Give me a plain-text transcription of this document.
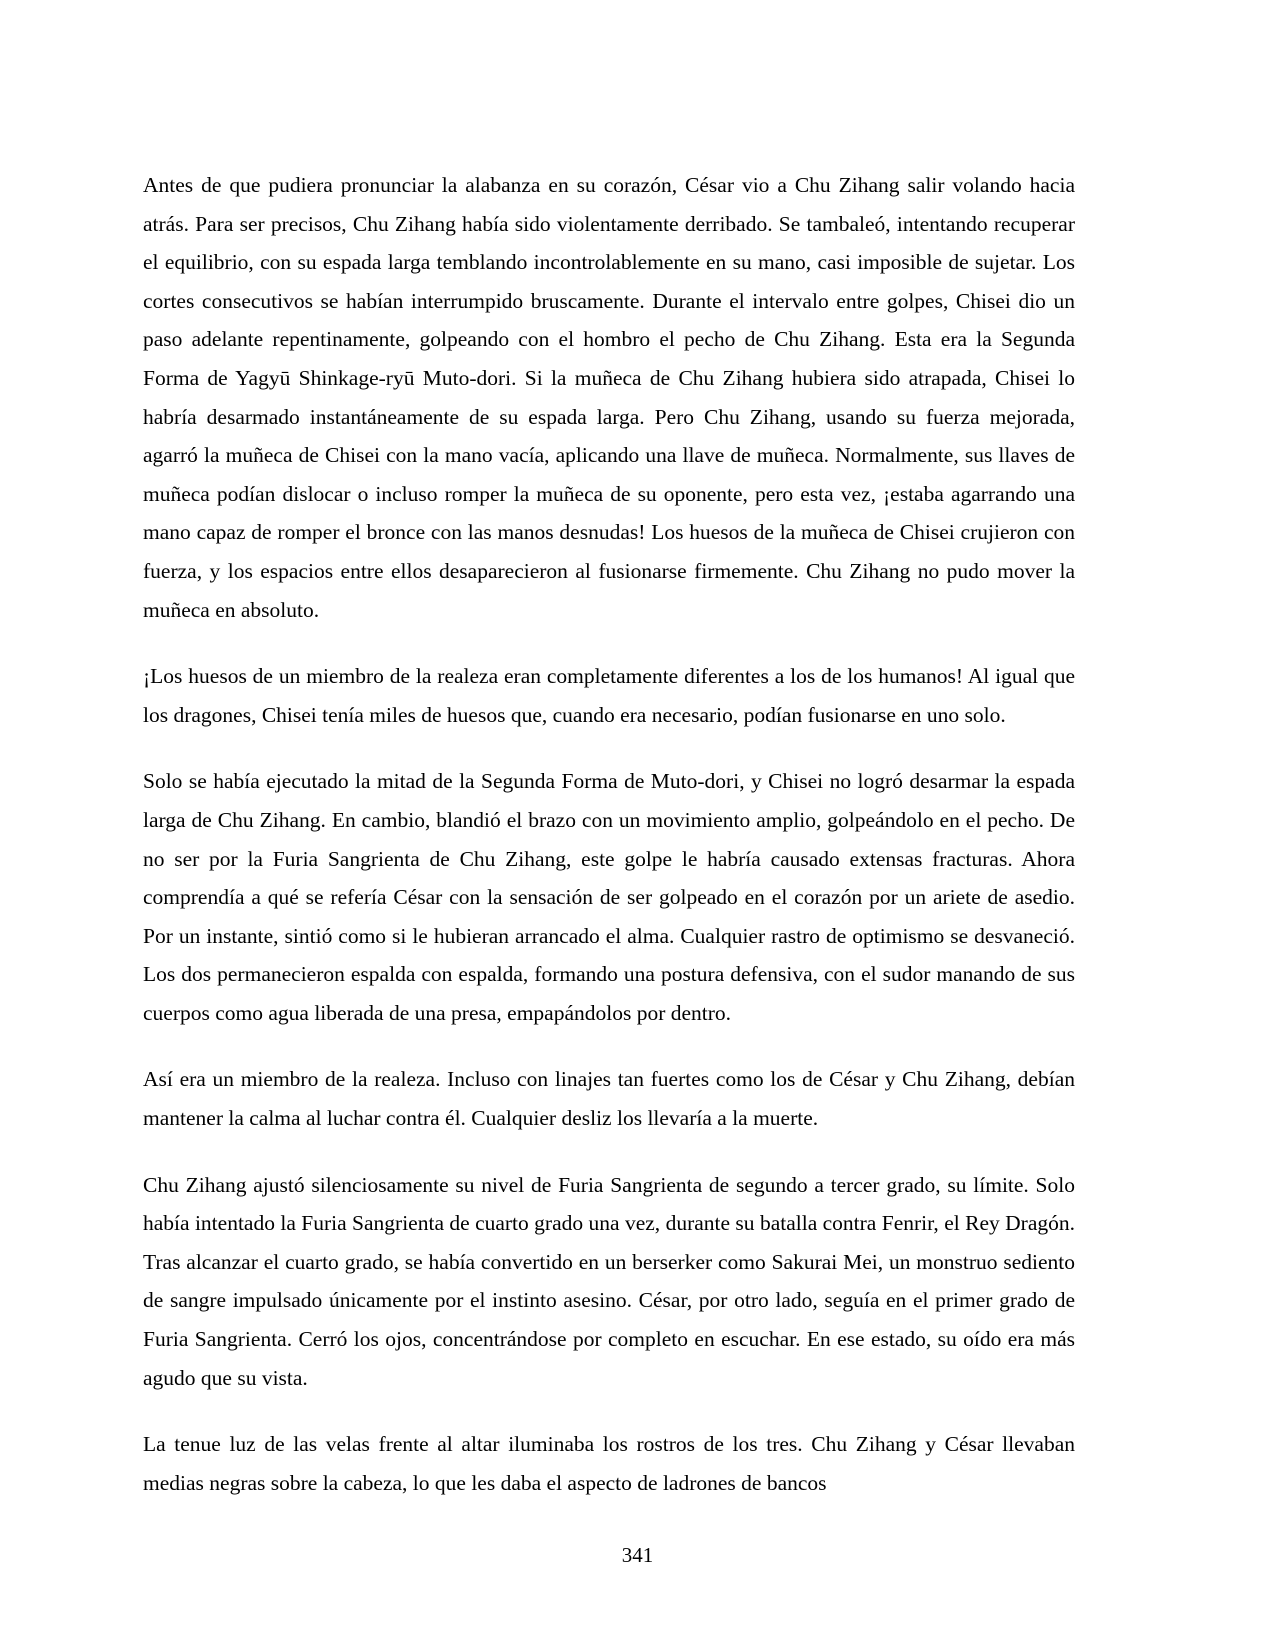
Antes de que pudiera pronunciar la alabanza en su corazón, César vio a Chu Zihang salir volando hacia atrás. Para ser precisos, Chu Zihang había sido violentamente derribado. Se tambaleó, intentando recuperar el equilibrio, con su espada larga temblando incontrolablemente en su mano, casi imposible de sujetar. Los cortes consecutivos se habían interrumpido bruscamente. Durante el intervalo entre golpes, Chisei dio un paso adelante repentinamente, golpeando con el hombro el pecho de Chu Zihang. Esta era la Segunda Forma de Yagyū Shinkage-ryū Muto-dori. Si la muñeca de Chu Zihang hubiera sido atrapada, Chisei lo habría desarmado instantáneamente de su espada larga. Pero Chu Zihang, usando su fuerza mejorada, agarró la muñeca de Chisei con la mano vacía, aplicando una llave de muñeca. Normalmente, sus llaves de muñeca podían dislocar o incluso romper la muñeca de su oponente, pero esta vez, ¡estaba agarrando una mano capaz de romper el bronce con las manos desnudas! Los huesos de la muñeca de Chisei crujieron con fuerza, y los espacios entre ellos desaparecieron al fusionarse firmemente. Chu Zihang no pudo mover la muñeca en absoluto.

¡Los huesos de un miembro de la realeza eran completamente diferentes a los de los humanos! Al igual que los dragones, Chisei tenía miles de huesos que, cuando era necesario, podían fusionarse en uno solo.

Solo se había ejecutado la mitad de la Segunda Forma de Muto-dori, y Chisei no logró desarmar la espada larga de Chu Zihang. En cambio, blandió el brazo con un movimiento amplio, golpeándolo en el pecho. De no ser por la Furia Sangrienta de Chu Zihang, este golpe le habría causado extensas fracturas. Ahora comprendía a qué se refería César con la sensación de ser golpeado en el corazón por un ariete de asedio. Por un instante, sintió como si le hubieran arrancado el alma. Cualquier rastro de optimismo se desvaneció. Los dos permanecieron espalda con espalda, formando una postura defensiva, con el sudor manando de sus cuerpos como agua liberada de una presa, empapándolos por dentro.

Así era un miembro de la realeza. Incluso con linajes tan fuertes como los de César y Chu Zihang, debían mantener la calma al luchar contra él. Cualquier desliz los llevaría a la muerte.

Chu Zihang ajustó silenciosamente su nivel de Furia Sangrienta de segundo a tercer grado, su límite. Solo había intentado la Furia Sangrienta de cuarto grado una vez, durante su batalla contra Fenrir, el Rey Dragón. Tras alcanzar el cuarto grado, se había convertido en un berserker como Sakurai Mei, un monstruo sediento de sangre impulsado únicamente por el instinto asesino. César, por otro lado, seguía en el primer grado de Furia Sangrienta. Cerró los ojos, concentrándose por completo en escuchar. En ese estado, su oído era más agudo que su vista.

La tenue luz de las velas frente al altar iluminaba los rostros de los tres. Chu Zihang y César llevaban medias negras sobre la cabeza, lo que les daba el aspecto de ladrones de bancos

341
